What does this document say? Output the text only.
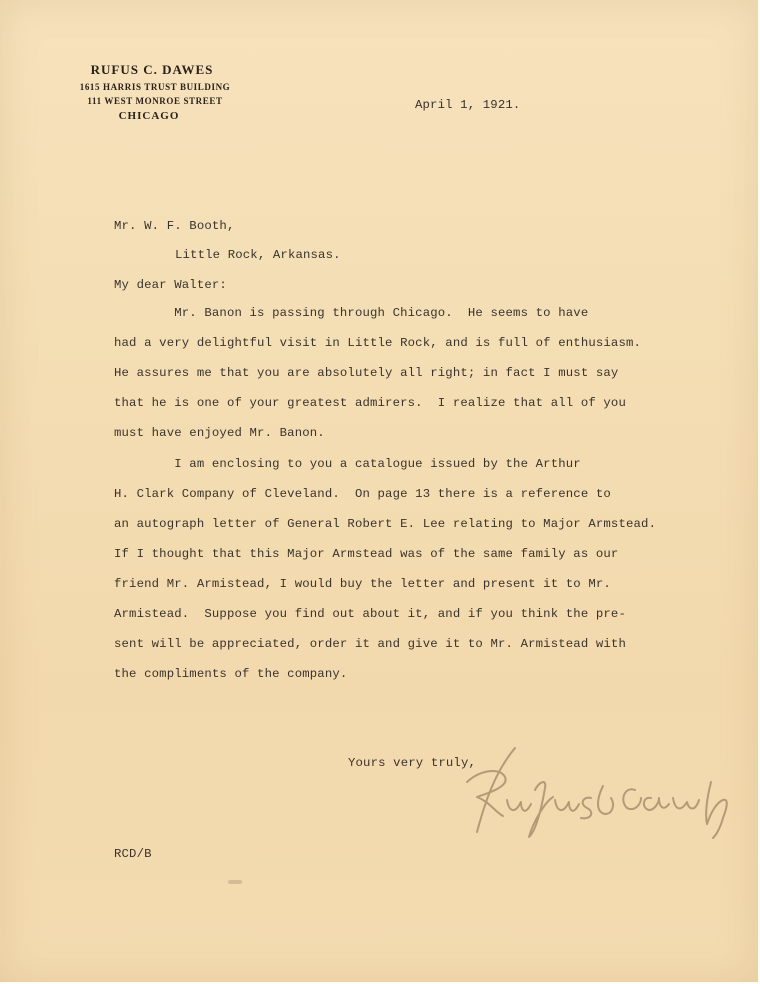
RUFUS C. DAWES
1615 HARRIS TRUST BUILDING
111 WEST MONROE STREET
CHICAGO
April 1, 1921.
Mr. W. F. Booth,
Little Rock, Arkansas.
My dear Walter:
Mr. Banon is passing through Chicago.  He seems to have
had a very delightful visit in Little Rock, and is full of enthusiasm.
He assures me that you are absolutely all right; in fact I must say
that he is one of your greatest admirers.  I realize that all of you
must have enjoyed Mr. Banon.
I am enclosing to you a catalogue issued by the Arthur
H. Clark Company of Cleveland.  On page 13 there is a reference to
an autograph letter of General Robert E. Lee relating to Major Armstead.
If I thought that this Major Armstead was of the same family as our
friend Mr. Armistead, I would buy the letter and present it to Mr.
Armistead.  Suppose you find out about it, and if you think the pre-
sent will be appreciated, order it and give it to Mr. Armistead with
the compliments of the company.
Yours very truly,
RCD/B
